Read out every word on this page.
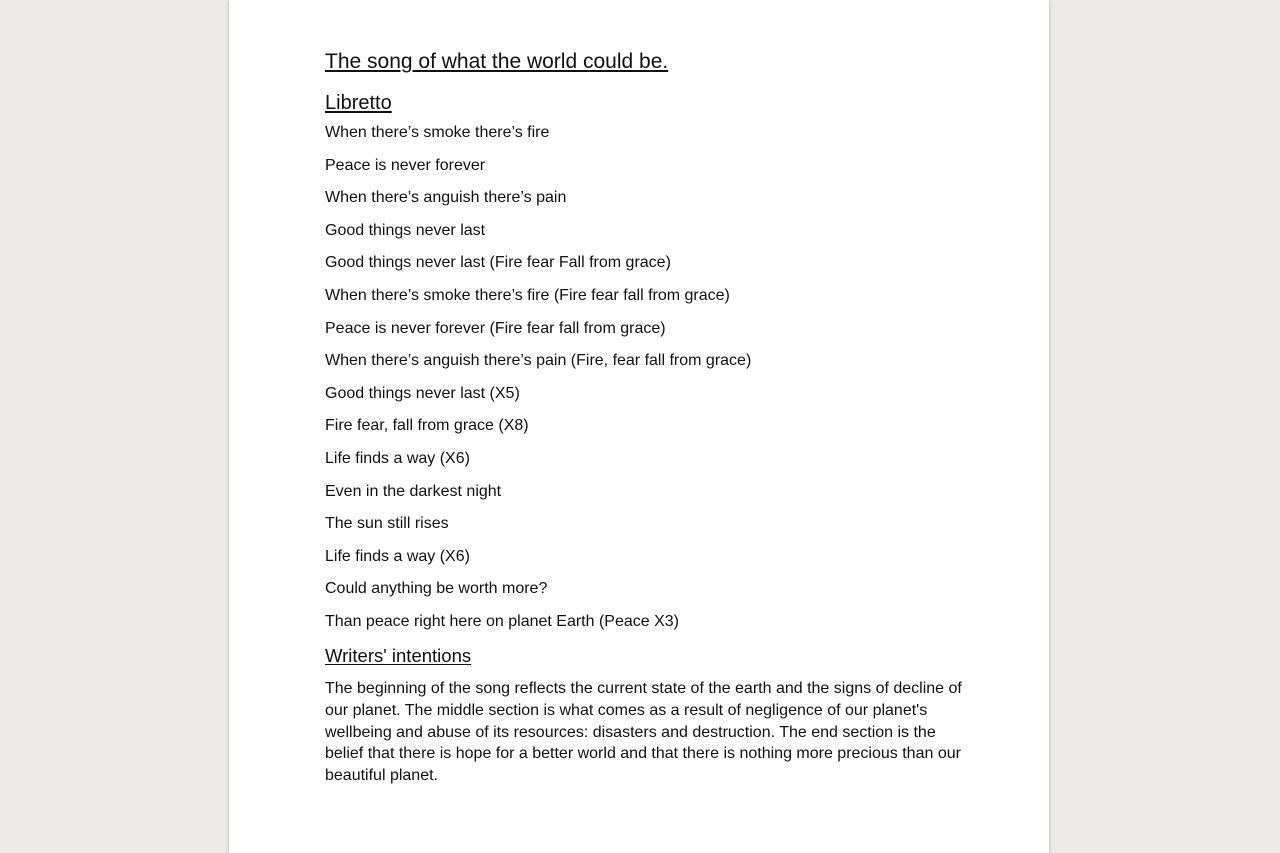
The song of what the world could be.
Libretto
When there’s smoke there’s fire
Peace is never forever
When there’s anguish there’s pain
Good things never last
Good things never last (Fire fear Fall from grace)
When there’s smoke there’s fire (Fire fear fall from grace)
Peace is never forever (Fire fear fall from grace)
When there’s anguish there’s pain (Fire, fear fall from grace)
Good things never last (X5)
Fire fear, fall from grace (X8)
Life finds a way (X6)
Even in the darkest night
The sun still rises
Life finds a way (X6)
Could anything be worth more?
Than peace right here on planet Earth (Peace X3)
Writers' intentions

The beginning of the song reflects the current state of the earth and the signs of decline of our planet. The middle section is what comes as a result of negligence of our planet's wellbeing and abuse of its resources: disasters and destruction. The end section is the belief that there is hope for a better world and that there is nothing more precious than our beautiful planet.
